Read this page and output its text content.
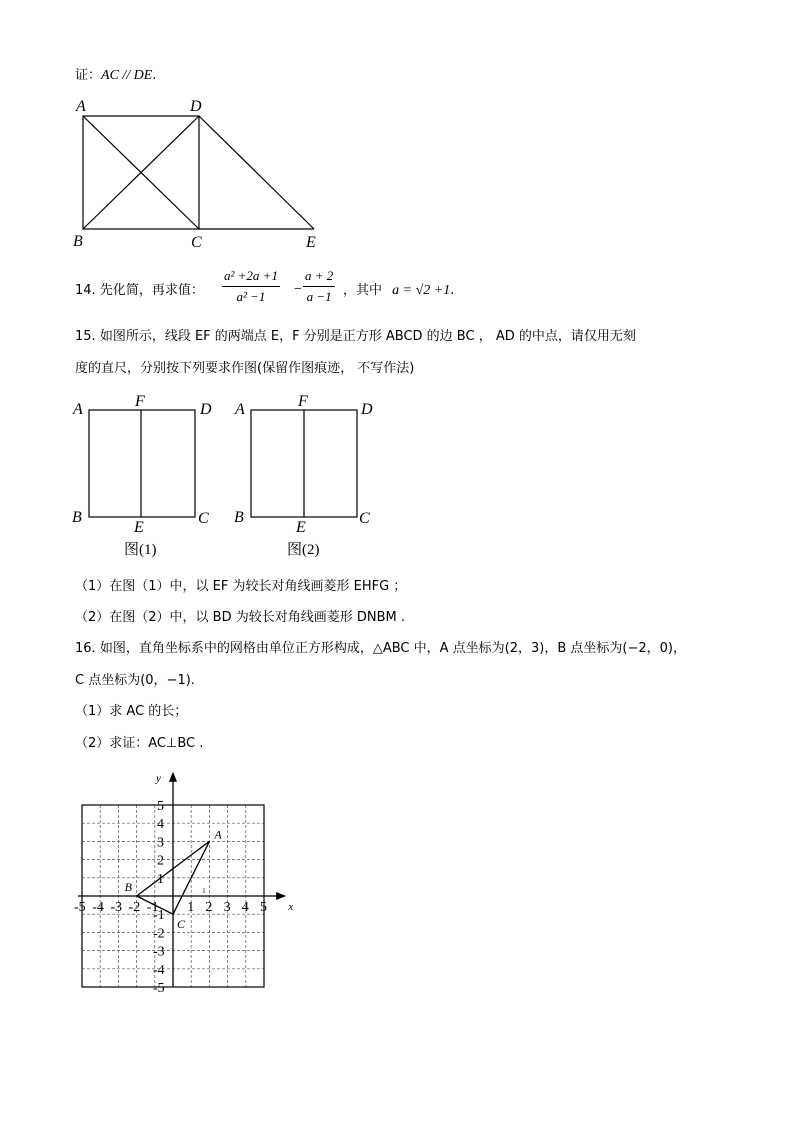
证：AC // DE.
A	D
B	C	E
14. 先化简，再求值： $\frac{\text{a² +2a +1}}{\text{a² −1}} - \frac{a + 2}{a -1}$ ，其中 a = √2 +1.
15. 如图所示，线段 EF 的两端点 E，F 分别是正方形 ABCD 的边 BC ， AD 的中点，请仅用无刻
度的直尺，分别按下列要求作图(保留作图痕迹， 不写作法)
A	F	D
B
E
C
图(1)
A	F	D
B
E
C
图(2)
（1）在图（1）中，以 EF 为较长对角线画菱形 EHFG ；
（2）在图（2）中，以 BD 为较长对角线画菱形 DNBM .
16. 如图，直角坐标系中的网格由单位正方形构成，△ABC 中，A 点坐标为(2，3)，B 点坐标为(−2，0)，
C 点坐标为(0，−1).
（1）求 AC 的长；
（2）求证：AC⊥BC .
x
y
-5 -4 -3 -2 -1 1 2 3 4 5
5
4
3
2
1
-1
-2
-3
-4
-5
1
A
B
C
